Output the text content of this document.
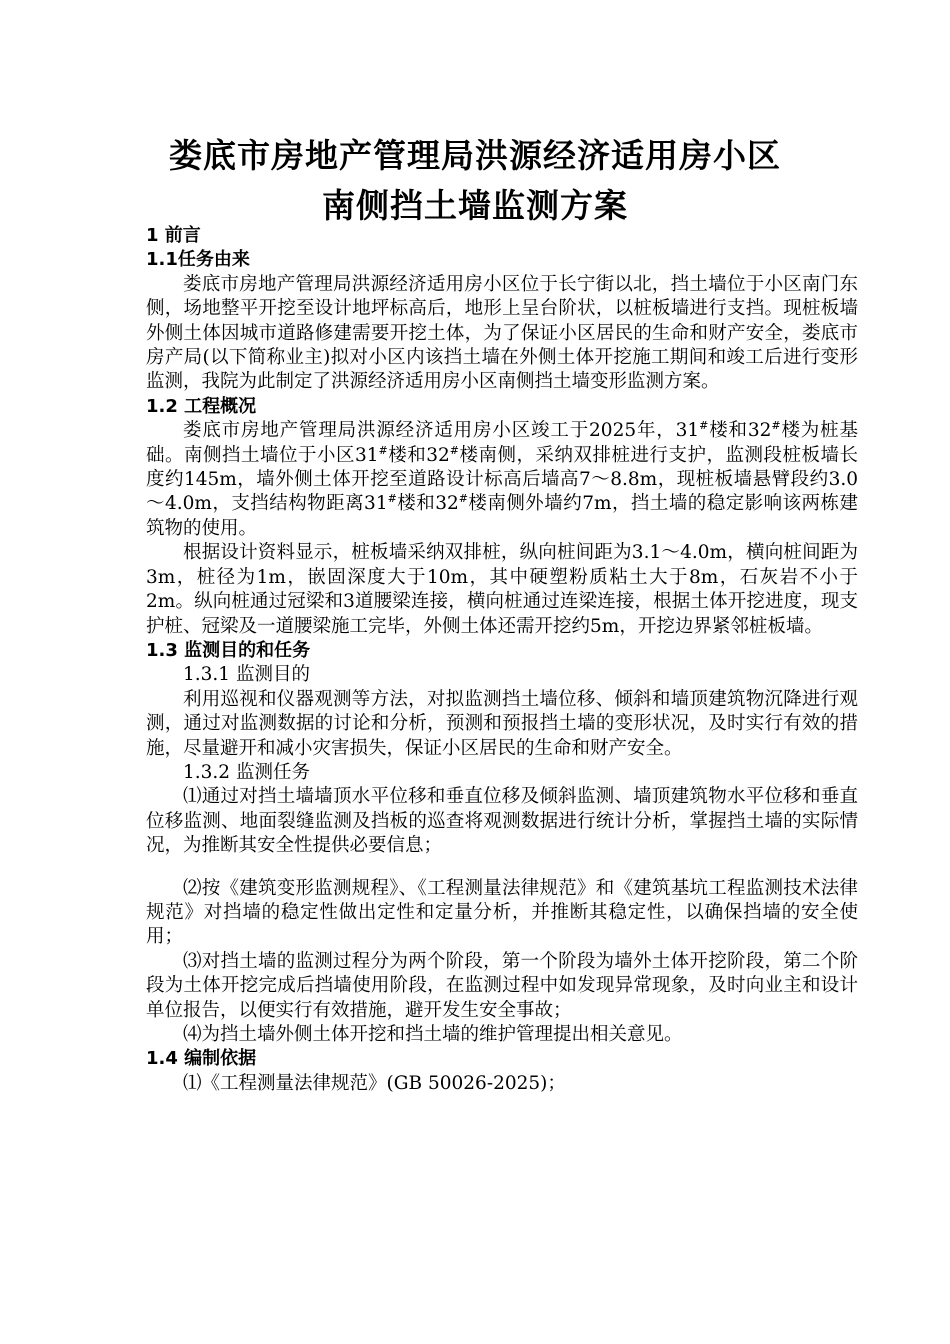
娄底市房地产管理局洪源经济适用房小区
南侧挡土墙监测方案

1 前言

1.1任务由来

娄底市房地产管理局洪源经济适用房小区位于长宁街以北，挡土墙位于小区南门东侧，场地整平开挖至设计地坪标高后，地形上呈台阶状，以桩板墙进行支挡。现桩板墙外侧土体因城市道路修建需要开挖土体，为了保证小区居民的生命和财产安全，娄底市房产局(以下简称业主)拟对小区内该挡土墙在外侧土体开挖施工期间和竣工后进行变形监测，我院为此制定了洪源经济适用房小区南侧挡土墙变形监测方案。

1.2 工程概况

娄底市房地产管理局洪源经济适用房小区竣工于2025年，31#楼和32#楼为桩基础。南侧挡土墙位于小区31#楼和32#楼南侧，采纳双排桩进行支护，监测段桩板墙长度约145m，墙外侧土体开挖至道路设计标高后墙高7～8.8m，现桩板墙悬臂段约3.0～4.0m，支挡结构物距离31#楼和32#楼南侧外墙约7m，挡土墙的稳定影响该两栋建筑物的使用。

根据设计资料显示，桩板墙采纳双排桩，纵向桩间距为3.1～4.0m，横向桩间距为3m，桩径为1m，嵌固深度大于10m，其中硬塑粉质粘土大于8m，石灰岩不小于2m。纵向桩通过冠梁和3道腰梁连接，横向桩通过连梁连接，根据土体开挖进度，现支护桩、冠梁及一道腰梁施工完毕，外侧土体还需开挖约5m，开挖边界紧邻桩板墙。

1.3 监测目的和任务

1.3.1 监测目的

利用巡视和仪器观测等方法，对拟监测挡土墙位移、倾斜和墙顶建筑物沉降进行观测，通过对监测数据的讨论和分析，预测和预报挡土墙的变形状况，及时实行有效的措施，尽量避开和减小灾害损失，保证小区居民的生命和财产安全。

1.3.2 监测任务

⑴通过对挡土墙墙顶水平位移和垂直位移及倾斜监测、墙顶建筑物水平位移和垂直位移监测、地面裂缝监测及挡板的巡查将观测数据进行统计分析，掌握挡土墙的实际情况，为推断其安全性提供必要信息；

⑵按《建筑变形监测规程》、《工程测量法律规范》和《建筑基坑工程监测技术法律规范》对挡墙的稳定性做出定性和定量分析，并推断其稳定性，以确保挡墙的安全使用；

⑶对挡土墙的监测过程分为两个阶段，第一个阶段为墙外土体开挖阶段，第二个阶段为土体开挖完成后挡墙使用阶段，在监测过程中如发现异常现象，及时向业主和设计单位报告，以便实行有效措施，避开发生安全事故；

⑷为挡土墙外侧土体开挖和挡土墙的维护管理提出相关意见。

1.4 编制依据

⑴《工程测量法律规范》(GB 50026-2025)；
